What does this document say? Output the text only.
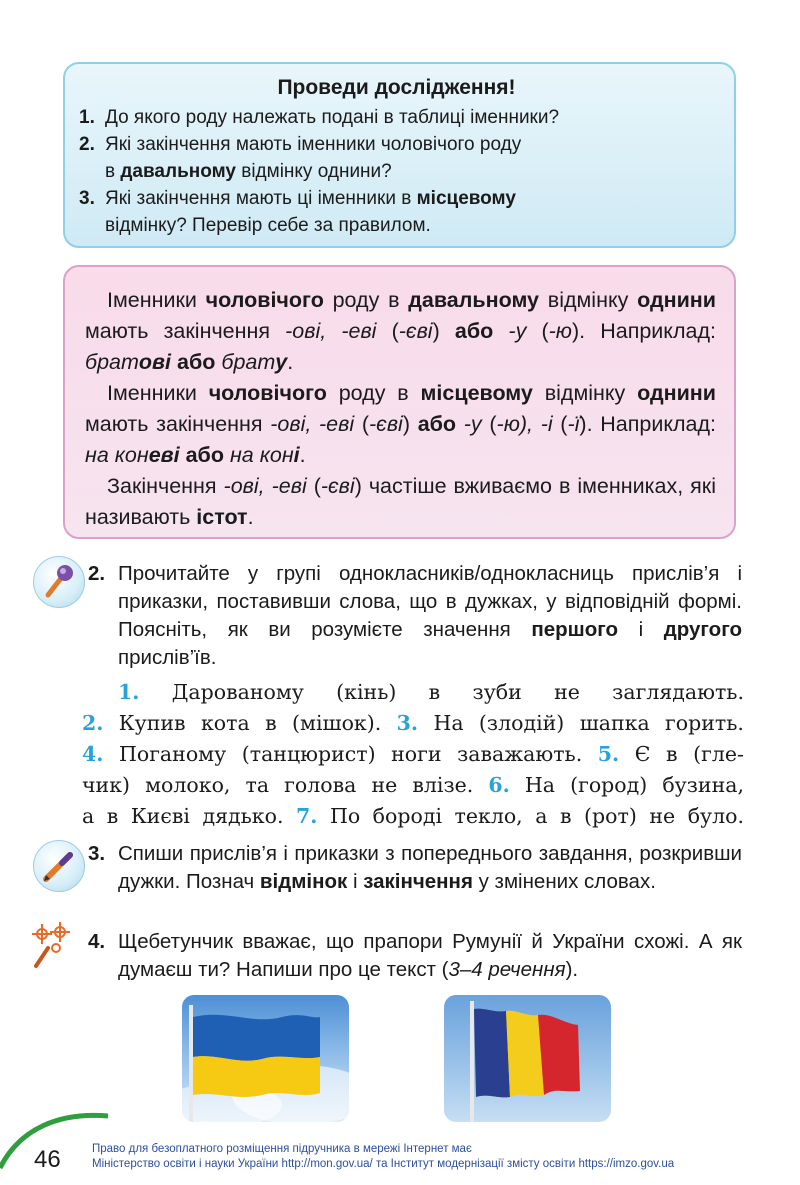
Проведи дослідження!
1. До якого роду належать подані в таблиці іменники?
2. Які закінчення мають іменники чоловічого роду
в давальному відмінку однини?
3. Які закінчення мають ці іменники в місцевому
відмінку? Перевір себе за правилом.

Іменники чоловічого роду в давальному відмінку однини мають закінчення -ові, -еві (-єві) або -у (-ю). Наприклад: братові або брату.

Іменники чоловічого роду в місцевому відмінку однини мають закінчення -ові, -еві (-єві) або -у (-ю), -і (-ї). Наприклад: на коневі або на коні.

Закінчення -ові, -еві (-єві) частіше вживаємо в іменниках, які називають істот.

2. Прочитайте у групі однокласників/однокласниць прислів’я і приказки, поставивши слова, що в дужках, у відповідній формі. Поясніть, як ви розумієте значення першого і другого прислів’їв.
1. Дарованому (кінь) в зуби не заглядають.
2. Купив кота в (мішок). 3. На (злодій) шапка горить.
4. Поганому (танцюрист) ноги заважають. 5. Є в (гле-
чик) молоко, та голова не влізе. 6. На (город) бузина,
а в Києві дядько. 7. По бороді текло, а в (рот) не було.
3. Спиши прислів’я і приказки з попереднього завдання, розкривши дужки. Познач відмінок і закінчення у змінених словах.
4. Щебетунчик вважає, що прапори Румунії й України схожі. А як думаєш ти? Напиши про це текст (3–4 речення).
46	Право для безоплатного розміщення підручника в мережі Інтернет має
Міністерство освіти і науки України http://mon.gov.ua/ та Інститут модернізації змісту освіти https://imzo.gov.ua
